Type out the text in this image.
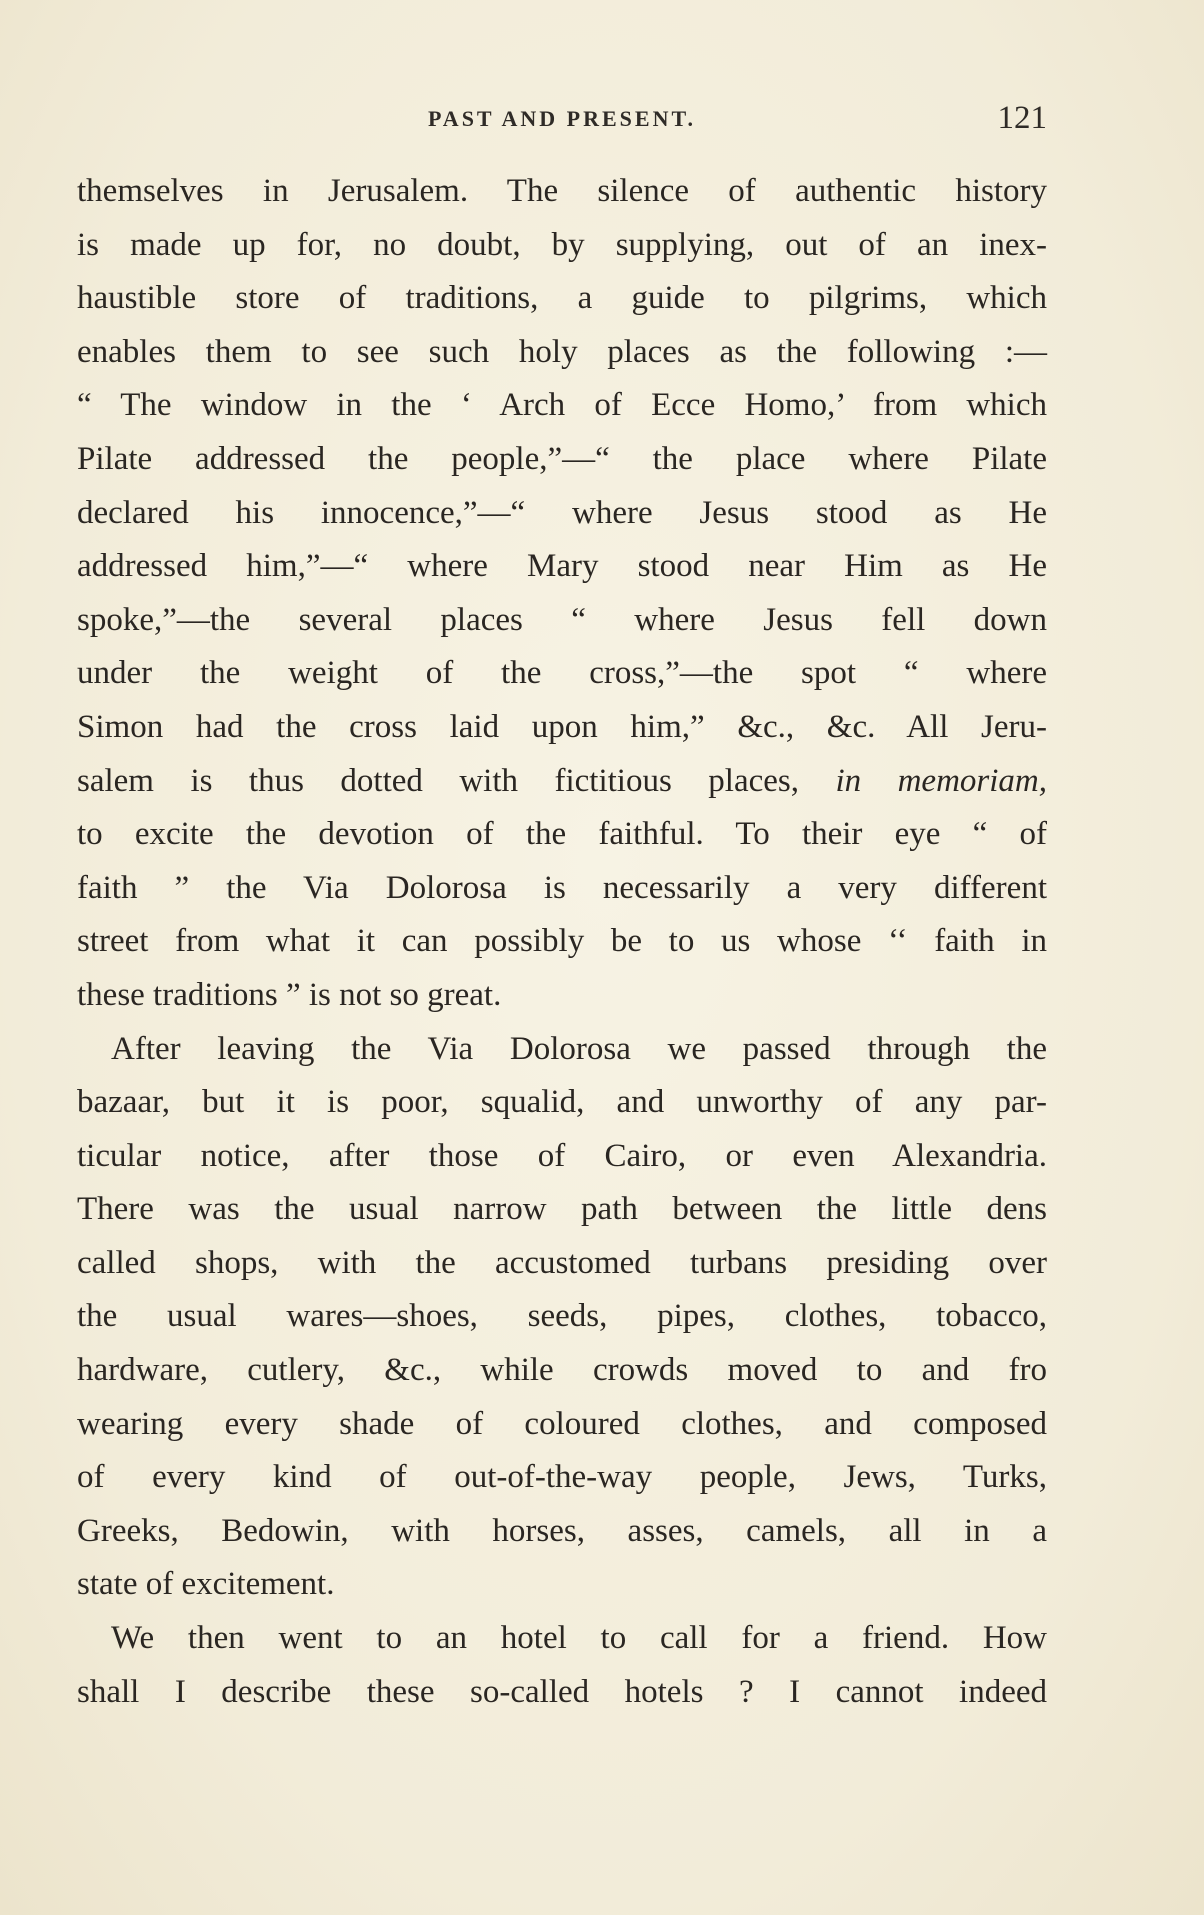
PAST AND PRESENT.	121
themselves in Jerusalem. The silence of authentic history
is made up for, no doubt, by supplying, out of an inex-
haustible store of traditions, a guide to pilgrims, which
enables them to see such holy places as the following :—
“ The window in the ‘ Arch of Ecce Homo,’ from which
Pilate addressed the people,”—“ the place where Pilate
declared his innocence,”—“ where Jesus stood as He
addressed him,”—“ where Mary stood near Him as He
spoke,”—the several places “ where Jesus fell down
under the weight of the cross,”—the spot “ where
Simon had the cross laid upon him,” &c., &c. All Jeru-
salem is thus dotted with fictitious places, in memoriam,
to excite the devotion of the faithful. To their eye “ of
faith ” the Via Dolorosa is necessarily a very different
street from what it can possibly be to us whose ‘‘ faith in
these traditions ” is not so great.
After leaving the Via Dolorosa we passed through the
bazaar, but it is poor, squalid, and unworthy of any par-
ticular notice, after those of Cairo, or even Alexandria.
There was the usual narrow path between the little dens
called shops, with the accustomed turbans presiding over
the usual wares—shoes, seeds, pipes, clothes, tobacco,
hardware, cutlery, &c., while crowds moved to and fro
wearing every shade of coloured clothes, and composed
of every kind of out-of-the-way people, Jews, Turks,
Greeks, Bedowin, with horses, asses, camels, all in a
state of excitement.
We then went to an hotel to call for a friend. How
shall I describe these so-called hotels ? I cannot indeed
